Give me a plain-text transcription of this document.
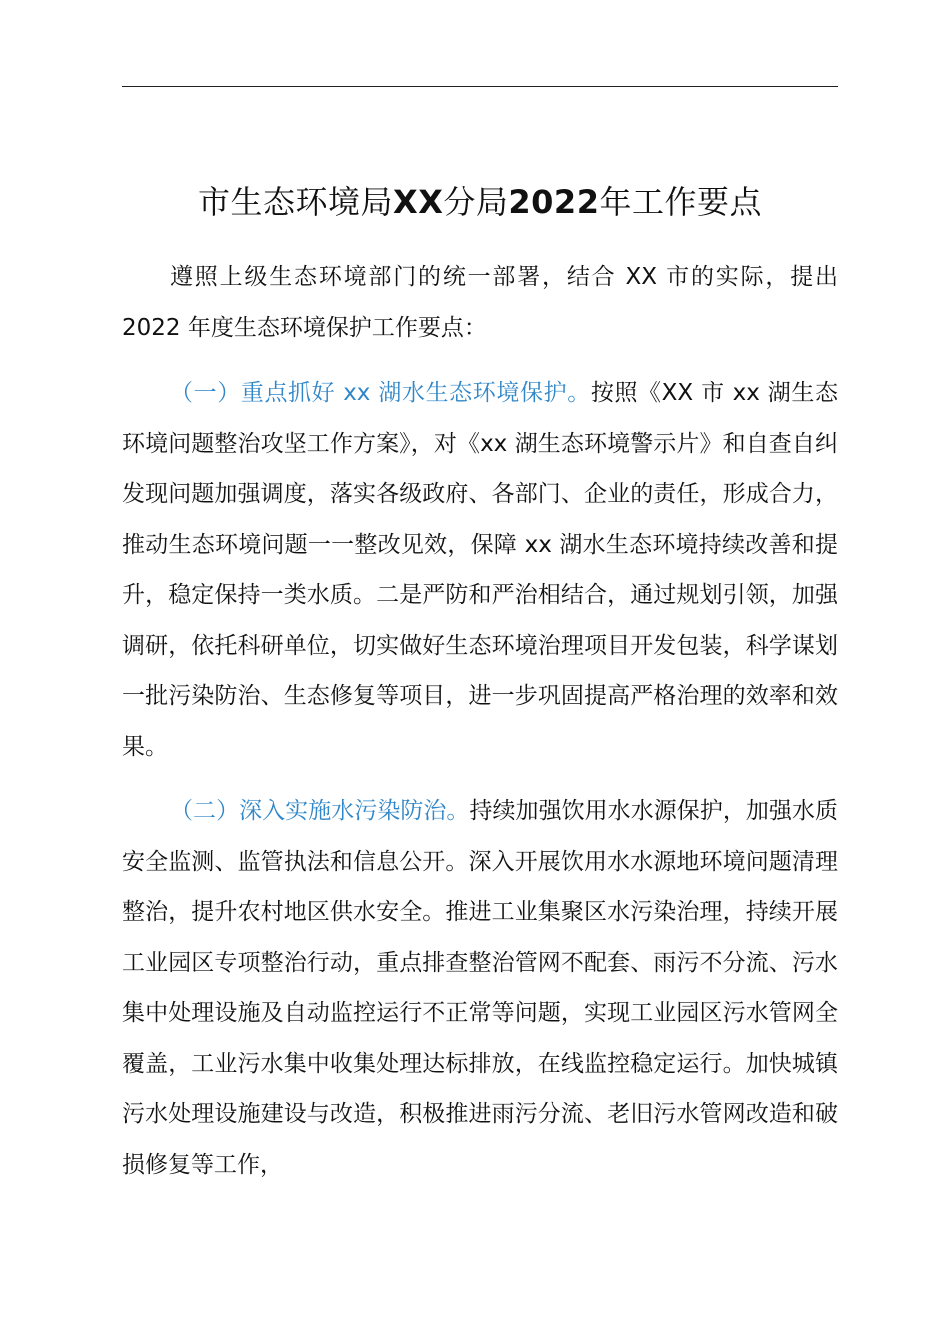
市生态环境局XX分局2022年工作要点

遵照上级生态环境部门的统一部署，结合 XX 市的实际，提出 2022 年度生态环境保护工作要点：

（一）重点抓好 xx 湖水生态环境保护。按照《XX 市 xx 湖生态环境问题整治攻坚工作方案》，对《xx 湖生态环境警示片》和自查自纠发现问题加强调度，落实各级政府、各部门、企业的责任，形成合力，推动生态环境问题一一整改见效，保障 xx 湖水生态环境持续改善和提升，稳定保持一类水质。二是严防和严治相结合，通过规划引领，加强调研，依托科研单位，切实做好生态环境治理项目开发包装，科学谋划一批污染防治、生态修复等项目，进一步巩固提高严格治理的效率和效果。

（二）深入实施水污染防治。持续加强饮用水水源保护，加强水质安全监测、监管执法和信息公开。深入开展饮用水水源地环境问题清理整治，提升农村地区供水安全。推进工业集聚区水污染治理，持续开展工业园区专项整治行动，重点排查整治管网不配套、雨污不分流、污水集中处理设施及自动监控运行不正常等问题，实现工业园区污水管网全覆盖，工业污水集中收集处理达标排放，在线监控稳定运行。加快城镇污水处理设施建设与改造，积极推进雨污分流、老旧污水管网改造和破损修复等工作，
